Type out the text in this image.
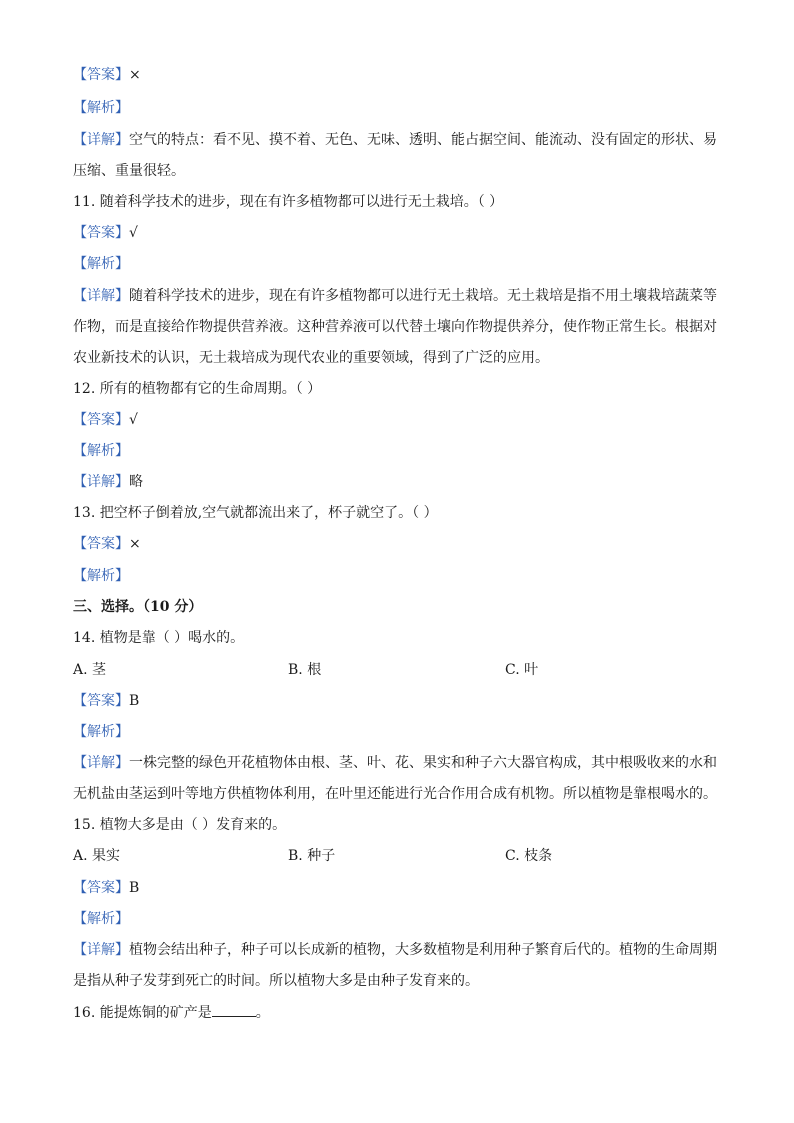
【答案】×
【解析】
【详解】空气的特点：看不见、摸不着、无色、无味、透明、能占据空间、能流动、没有固定的形状、易
压缩、重量很轻。
11. 随着科学技术的进步，现在有许多植物都可以进行无土栽培。（ ）
【答案】√
【解析】
【详解】随着科学技术的进步，现在有许多植物都可以进行无土栽培。无土栽培是指不用土壤栽培蔬菜等
作物，而是直接给作物提供营养液。这种营养液可以代替土壤向作物提供养分，使作物正常生长。根据对
农业新技术的认识，无土栽培成为现代农业的重要领域，得到了广泛的应用。
12. 所有的植物都有它的生命周期。（ ）
【答案】√
【解析】
【详解】略
13. 把空杯子倒着放,空气就都流出来了，杯子就空了。（ ）
【答案】×
【解析】
三、选择。（10 分）
14. 植物是靠（ ）喝水的。
A. 茎	B. 根	C. 叶
【答案】B
【解析】
【详解】一株完整的绿色开花植物体由根、茎、叶、花、果实和种子六大器官构成，其中根吸收来的水和
无机盐由茎运到叶等地方供植物体利用，在叶里还能进行光合作用合成有机物。所以植物是靠根喝水的。
15. 植物大多是由（ ）发育来的。
A. 果实	B. 种子	C. 枝条
【答案】B
【解析】
【详解】植物会结出种子，种子可以长成新的植物，大多数植物是利用种子繁育后代的。植物的生命周期
是指从种子发芽到死亡的时间。所以植物大多是由种子发育来的。
16. 能提炼铜的矿产是	。
